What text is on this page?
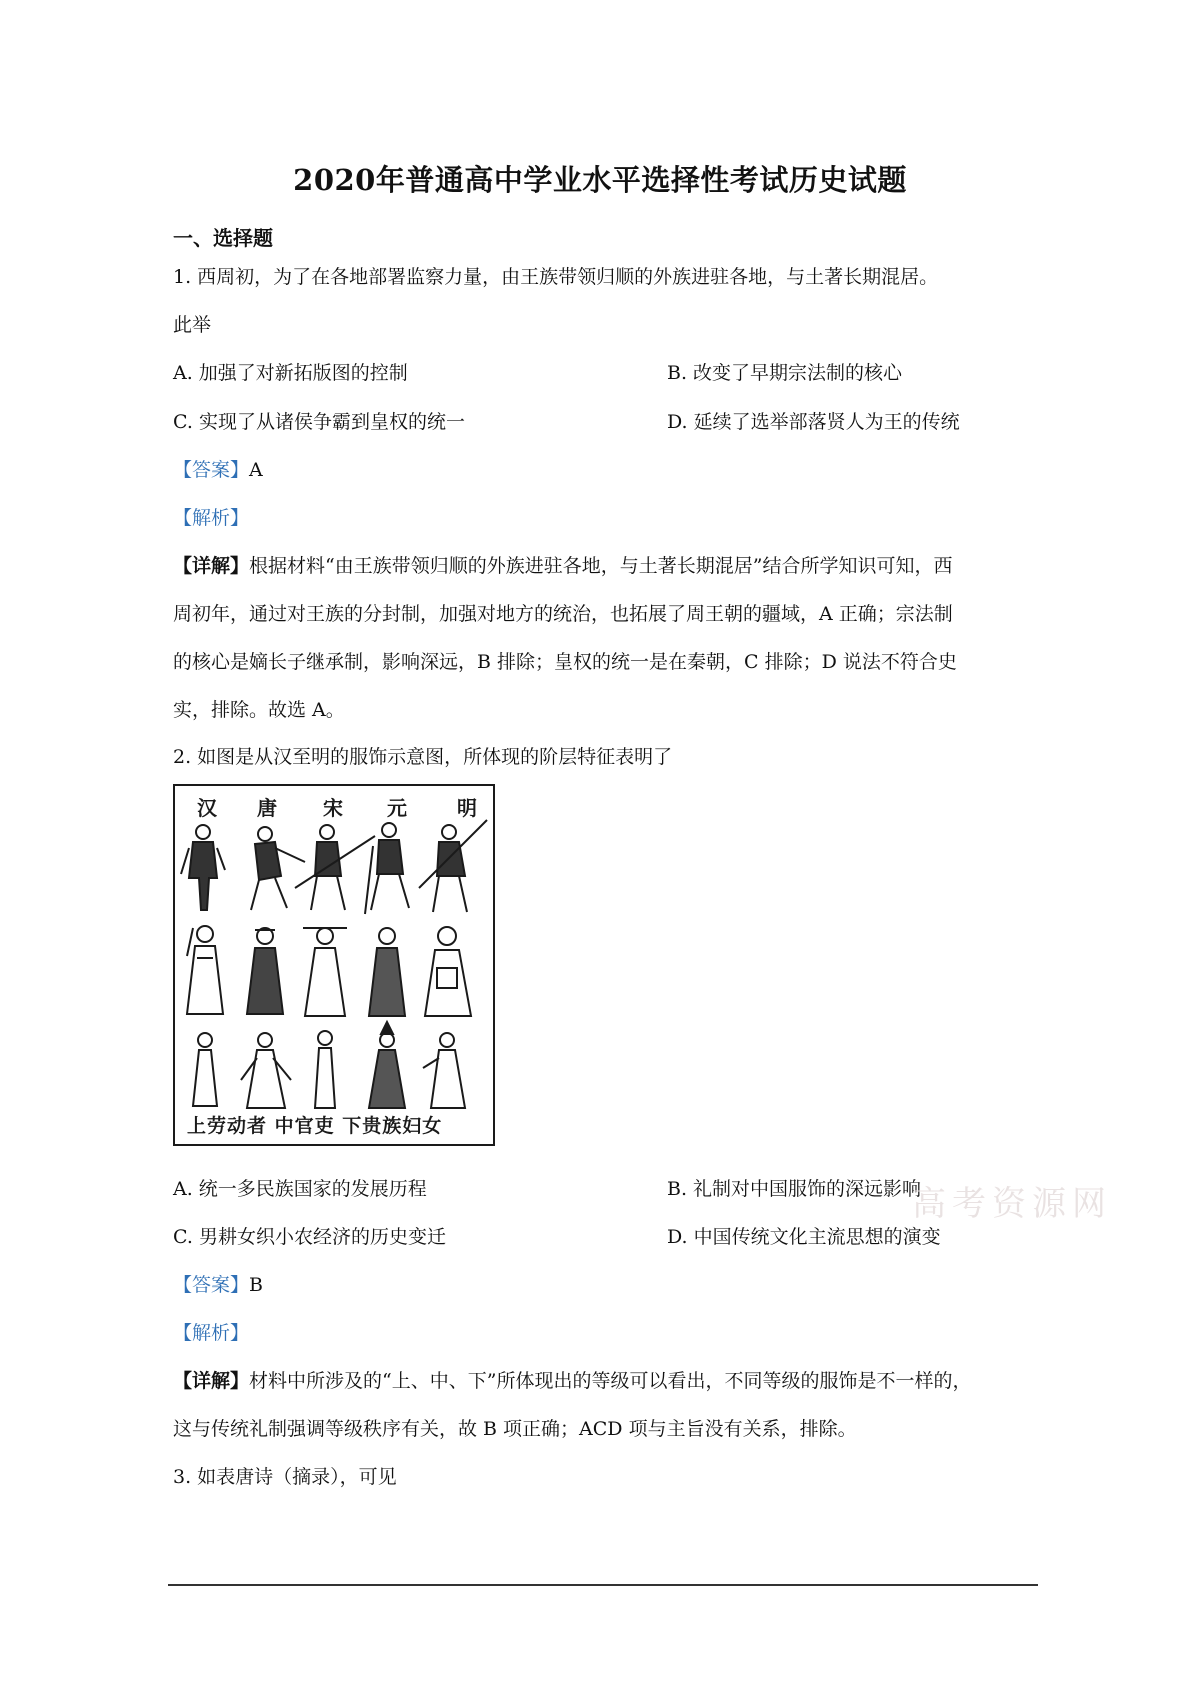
2020年普通高中学业水平选择性考试历史试题
一、选择题
1. 西周初，为了在各地部署监察力量，由王族带领归顺的外族进驻各地，与土著长期混居。
此举
A. 加强了对新拓版图的控制	B. 改变了早期宗法制的核心
C. 实现了从诸侯争霸到皇权的统一	D. 延续了选举部落贤人为王的传统
【答案】A
【解析】
【详解】根据材料“由王族带领归顺的外族进驻各地，与土著长期混居”结合所学知识可知，西
周初年，通过对王族的分封制，加强对地方的统治，也拓展了周王朝的疆域，A 正确；宗法制
的核心是嫡长子继承制，影响深远，B 排除；皇权的统一是在秦朝，C 排除；D 说法不符合史
实，排除。故选 A。
2. 如图是从汉至明的服饰示意图，所体现的阶层特征表明了
汉 唐 宋 元	明
上劳动者 中官吏 下贵族妇女
A. 统一多民族国家的发展历程	B. 礼制对中国服饰的深远影响
C. 男耕女织小农经济的历史变迁	D. 中国传统文化主流思想的演变
【答案】B
【解析】
【详解】材料中所涉及的“上、中、下”所体现出的等级可以看出，不同等级的服饰是不一样的，
这与传统礼制强调等级秩序有关，故 B 项正确；ACD 项与主旨没有关系，排除。
3. 如表唐诗（摘录），可见
高考资源网
